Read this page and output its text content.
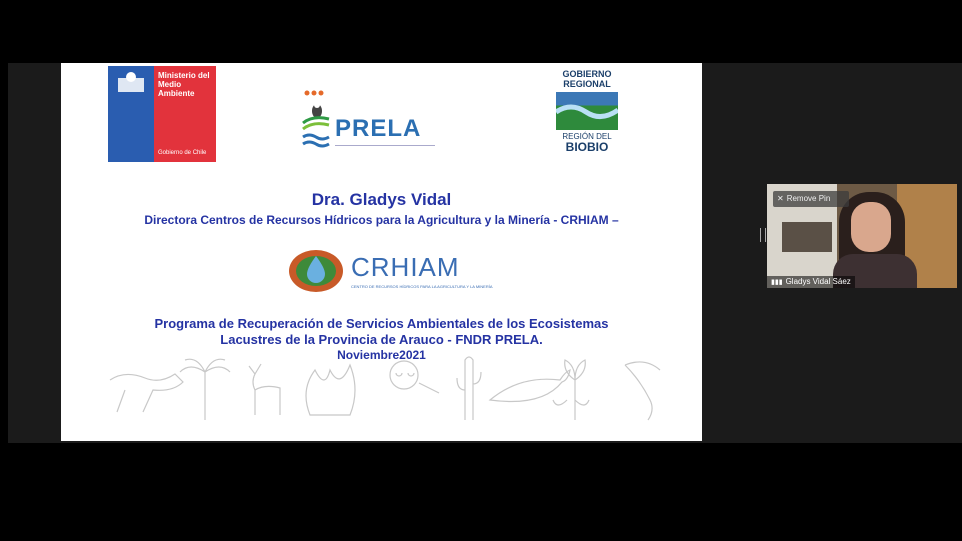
Ministerio del
Medio
Ambiente
Gobierno de Chile
PRELA
GOBIERNO
REGIONAL
REGIÓN DEL
BIOBIO
Dra. Gladys Vidal
Directora Centros de Recursos Hídricos para la Agricultura y la Minería - CRHIAM –
CRHIAM
CENTRO DE RECURSOS HÍDRICOS PARA LA AGRICULTURA Y LA MINERÍA
Programa de Recuperación de Servicios Ambientales de los Ecosistemas
Lacustres de la Provincia de Arauco - FNDR PRELA.
Noviembre2021
✕ Remove Pin
▮▮▮ Gladys Vidal Sáez
